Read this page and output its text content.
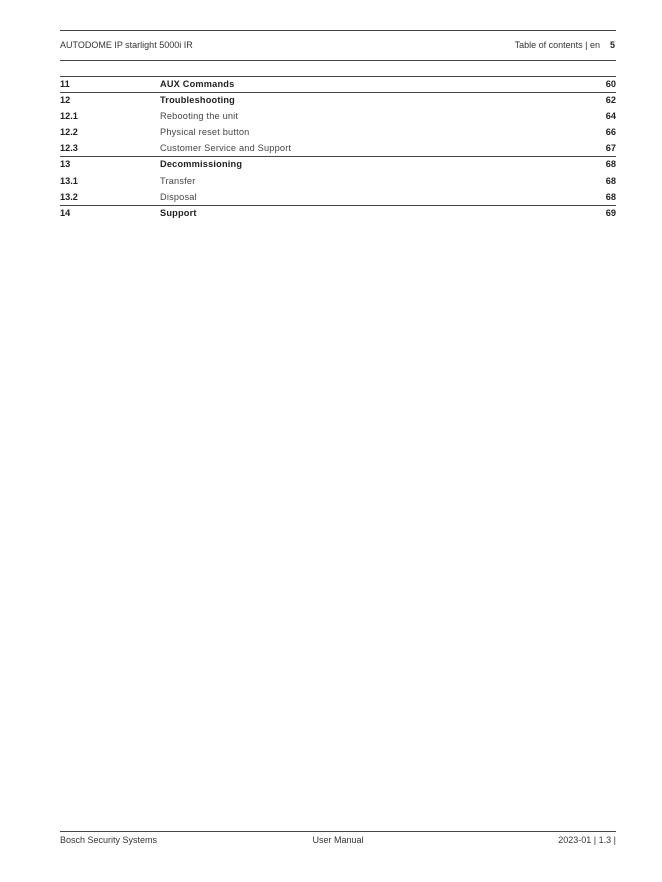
AUTODOME IP starlight 5000i IR	Table of contents | en 5
11	AUX Commands	60
12	Troubleshooting	62
12.1	Rebooting the unit	64
12.2	Physical reset button	66
12.3	Customer Service and Support	67
13	Decommissioning	68
13.1	Transfer	68
13.2	Disposal	68
14	Support	69
Bosch Security Systems	User Manual	2023-01 | 1.3 |
